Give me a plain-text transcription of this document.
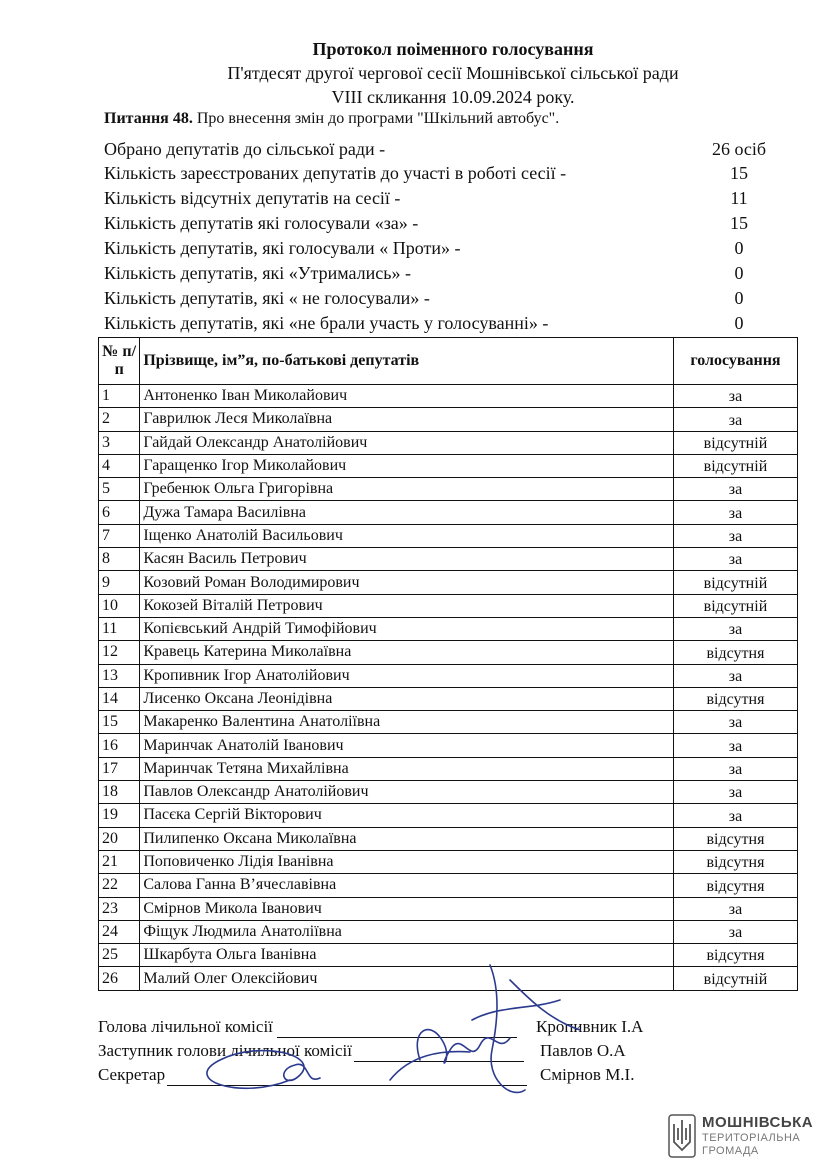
Протокол поіменного голосування
П'ятдесят другої чергової сесії Мошнівської сільської ради
VIII скликання 10.09.2024 року.
Питання 48. Про внесення змін до програми "Шкільний автобус".
Обрано депутатів до сільської ради -	26 осіб
Кількість зареєстрованих депутатів до участі в роботі сесії -	15
Кількість відсутніх депутатів на сесії -	11
Кількість депутатів які голосували «за» -	15
Кількість депутатів, які голосували « Проти» -	0
Кількість депутатів, які «Утримались» -	0
Кількість депутатів, які « не голосували» -	0
Кількість депутатів, які «не брали участь у голосуванні» -	0
№ п/п	Прізвище, ім”я, по-батькові депутатів	голосування
1	Антоненко Іван Миколайович	за
2	Гаврилюк Леся Миколаївна	за
3	Гайдай Олександр Анатолійович	відсутній
4	Гаращенко Ігор Миколайович	відсутній
5	Гребенюк Ольга Григорівна	за
6	Дужа Тамара Василівна	за
7	Іщенко Анатолій Васильович	за
8	Касян Василь Петрович	за
9	Козовий Роман Володимирович	відсутній
10	Кокозей Віталій Петрович	відсутній
11	Копієвський Андрій Тимофійович	за
12	Кравець Катерина Миколаївна	відсутня
13	Кропивник Ігор Анатолійович	за
14	Лисенко Оксана Леонідівна	відсутня
15	Макаренко Валентина Анатоліївна	за
16	Маринчак Анатолій Іванович	за
17	Маринчак Тетяна Михайлівна	за
18	Павлов Олександр Анатолійович	за
19	Пасєка Сергій Вікторович	за
20	Пилипенко Оксана Миколаївна	відсутня
21	Поповиченко Лідія Іванівна	відсутня
22	Салова Ганна В’ячеславівна	відсутня
23	Смірнов Микола Іванович	за
24	Фіщук Людмила Анатоліївна	за
25	Шкарбута Ольга Іванівна	відсутня
26	Малий Олег Олексійович	відсутній
Голова лічильної комісії	Кропивник І.А
Заступник голови лічильної комісії	Павлов О.А
Секретар	Смірнов М.І.
МОШНІВСЬКА
ТЕРИТОРІАЛЬНА
ГРОМАДА
